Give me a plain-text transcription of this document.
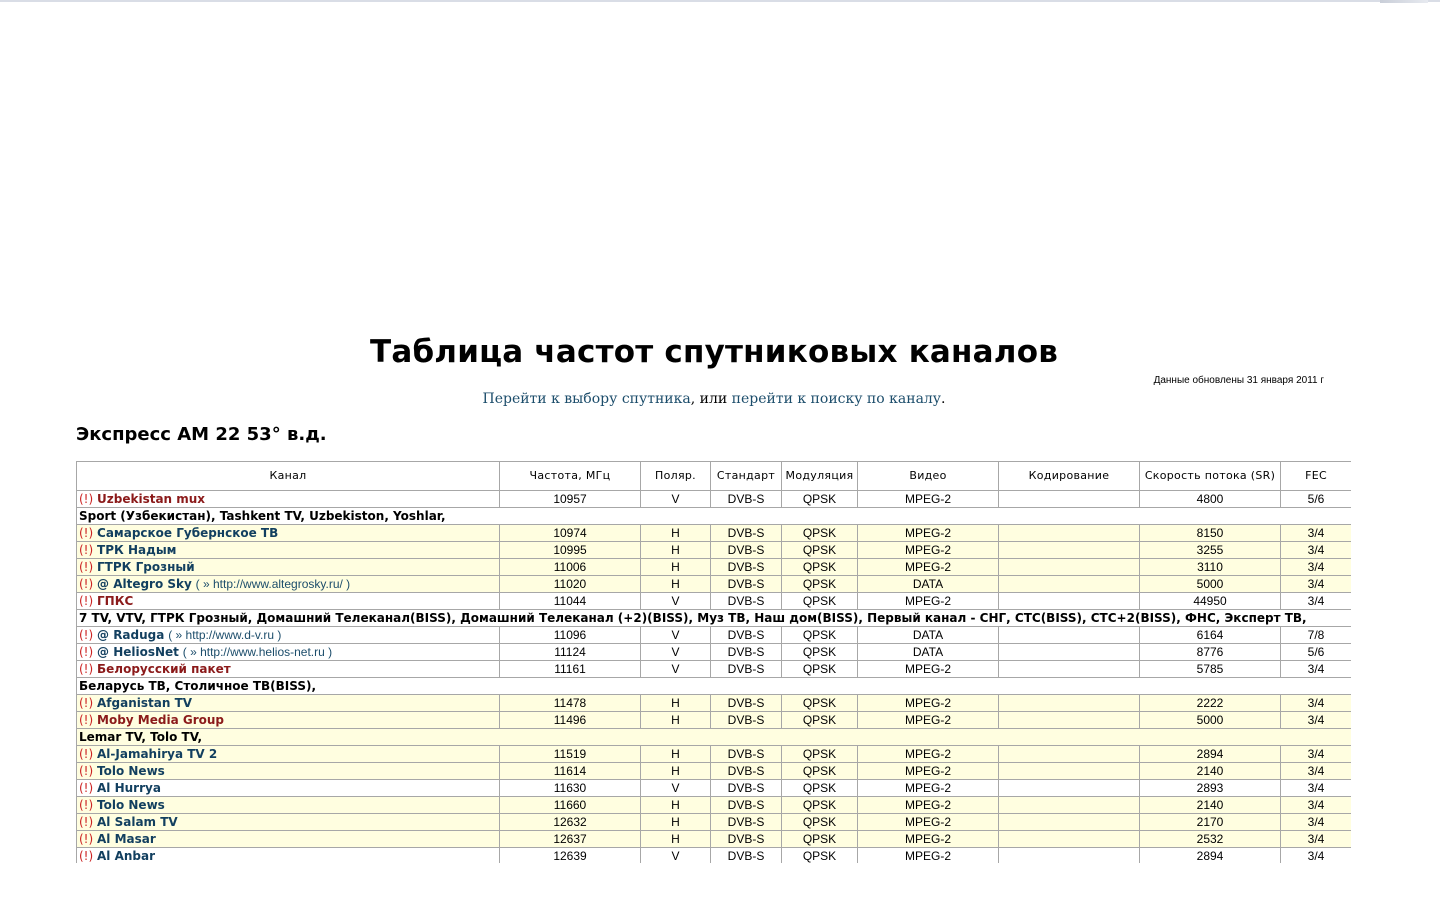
Таблица частот спутниковых каналов
Данные обновлены 31 января 2011 г
Перейти к выбору спутника, или перейти к поиску по каналу.
Экспресс АМ 22 53° в.д.
Канал	Частота, МГц	Поляр.	Стандарт	Модуляция	Видео	Кодирование	Скорость потока (SR)	FEC
(!) Uzbekistan mux	10957	V	DVB-S	QPSK	MPEG-2		4800	5/6
Sport (Узбекистан), Tashkent TV, Uzbekiston, Yoshlar,								
(!) Самарское Губернское ТВ	10974	H	DVB-S	QPSK	MPEG-2		8150	3/4
(!) ТРК Надым	10995	H	DVB-S	QPSK	MPEG-2		3255	3/4
(!) ГТРК Грозный	11006	H	DVB-S	QPSK	MPEG-2		3110	3/4
(!) @ Altegro Sky ( » http://www.altegrosky.ru/ )	11020	H	DVB-S	QPSK	DATA		5000	3/4
(!) ГПКС	11044	V	DVB-S	QPSK	MPEG-2		44950	3/4
7 TV, VTV, ГТРК Грозный, Домашний Телеканал(BISS), Домашний Телеканал (+2)(BISS), Муз ТВ, Наш дом(BISS), Первый канал - СНГ, СТС(BISS), СТС+2(BISS), ФНС, Эксперт ТВ,								
(!) @ Raduga ( » http://www.d-v.ru )	11096	V	DVB-S	QPSK	DATA		6164	7/8
(!) @ HeliosNet ( » http://www.helios-net.ru )	11124	V	DVB-S	QPSK	DATA		8776	5/6
(!) Белорусский пакет	11161	V	DVB-S	QPSK	MPEG-2		5785	3/4
Беларусь ТВ, Столичное ТВ(BISS),								
(!) Afganistan TV	11478	H	DVB-S	QPSK	MPEG-2		2222	3/4
(!) Moby Media Group	11496	H	DVB-S	QPSK	MPEG-2		5000	3/4
Lemar TV, Tolo TV,								
(!) Al-Jamahirya TV 2	11519	H	DVB-S	QPSK	MPEG-2		2894	3/4
(!) Tolo News	11614	H	DVB-S	QPSK	MPEG-2		2140	3/4
(!) Al Hurrya	11630	V	DVB-S	QPSK	MPEG-2		2893	3/4
(!) Tolo News	11660	H	DVB-S	QPSK	MPEG-2		2140	3/4
(!) Al Salam TV	12632	H	DVB-S	QPSK	MPEG-2		2170	3/4
(!) Al Masar	12637	H	DVB-S	QPSK	MPEG-2		2532	3/4
(!) Al Anbar	12639	V	DVB-S	QPSK	MPEG-2		2894	3/4
